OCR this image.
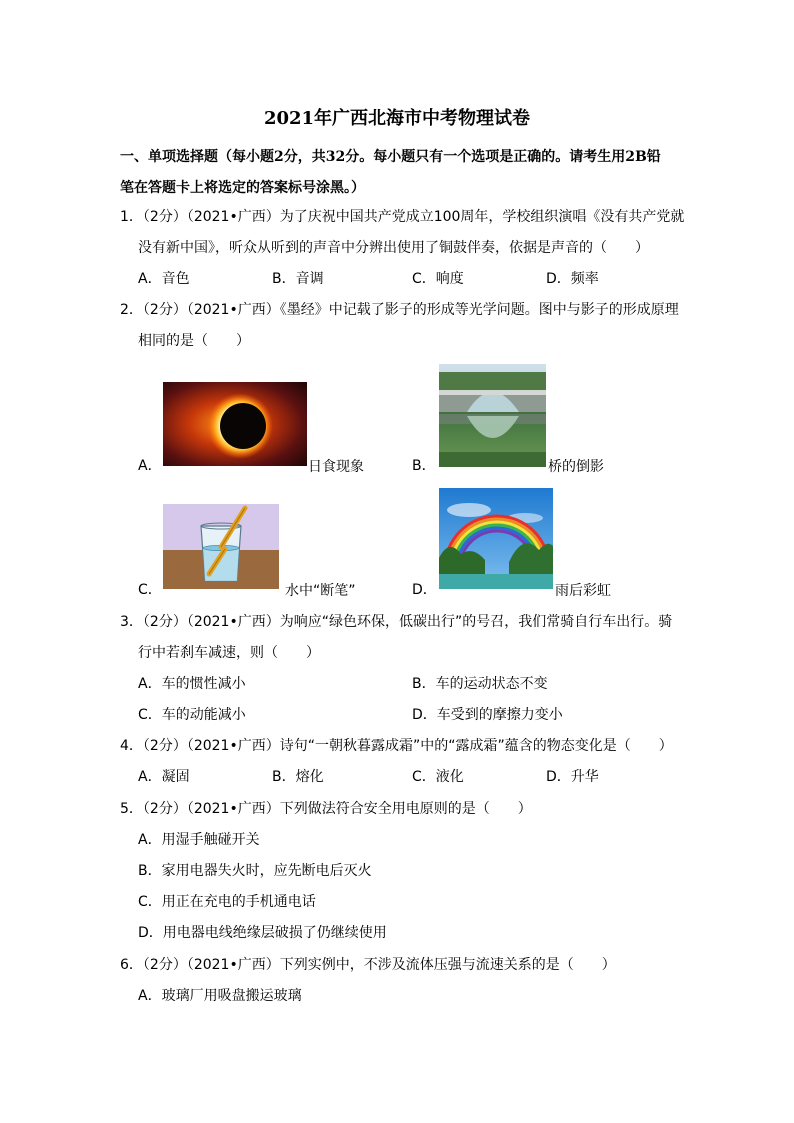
2021年广西北海市中考物理试卷
一、单项选择题（每小题2分，共32分。每小题只有一个选项是正确的。请考生用2B铅
笔在答题卡上将选定的答案标号涂黑。）
1．（2分）（2021•广西）为了庆祝中国共产党成立100周年，学校组织演唱《没有共产党就
没有新中国》，听众从听到的声音中分辨出使用了铜鼓伴奏，依据是声音的（　　）
A．音色	B．音调	C．响度	D．频率
2．（2分）（2021•广西）《墨经》中记载了影子的形成等光学问题。图中与影子的形成原理
相同的是（　　）
A．	日食现象	B．	桥的倒影
C．	水中“断笔”	D．	雨后彩虹
3．（2分）（2021•广西）为响应“绿色环保，低碳出行”的号召，我们常骑自行车出行。骑
行中若刹车减速，则（　　）
A．车的惯性减小	B．车的运动状态不变
C．车的动能减小	D．车受到的摩擦力变小
4．（2分）（2021•广西）诗句“一朝秋暮露成霜”中的“露成霜”蕴含的物态变化是（　　）
A．凝固	B．熔化	C．液化	D．升华
5．（2分）（2021•广西）下列做法符合安全用电原则的是（　　）
A．用湿手触碰开关
B．家用电器失火时，应先断电后灭火
C．用正在充电的手机通电话
D．用电器电线绝缘层破损了仍继续使用
6．（2分）（2021•广西）下列实例中，不涉及流体压强与流速关系的是（　　）
A．玻璃厂用吸盘搬运玻璃
